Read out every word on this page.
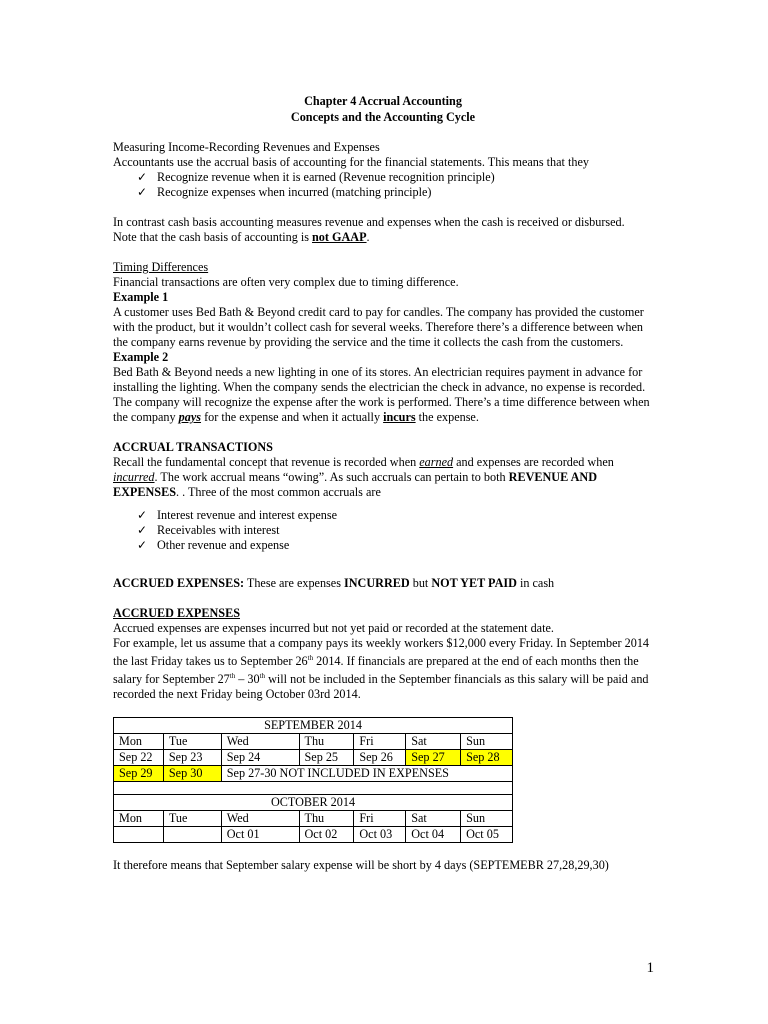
Chapter 4 Accrual Accounting

Concepts and the Accounting Cycle

Measuring Income-Recording Revenues and Expenses

Accountants use the accrual basis of accounting for the financial statements. This means that they

✓ Recognize revenue when it is earned (Revenue recognition principle)
✓ Recognize expenses when incurred (matching principle)

In contrast cash basis accounting measures revenue and expenses when the cash is received or disbursed.
Note that the cash basis of accounting is not GAAP.

Timing Differences

Financial transactions are often very complex due to timing difference.

Example 1

A customer uses Bed Bath & Beyond credit card to pay for candles. The company has provided the customer with the product, but it wouldn’t collect cash for several weeks. Therefore there’s a difference between when the company earns revenue by providing the service and the time it collects the cash from the customers.

Example 2

Bed Bath & Beyond needs a new lighting in one of its stores. An electrician requires payment in advance for installing the lighting. When the company sends the electrician the check in advance, no expense is recorded. The company will recognize the expense after the work is performed. There’s a time difference between when the company pays for the expense and when it actually incurs the expense.

ACCRUAL TRANSACTIONS

Recall the fundamental concept that revenue is recorded when earned and expenses are recorded when incurred. The work accrual means “owing”. As such accruals can pertain to both REVENUE AND EXPENSES. . Three of the most common accruals are

✓ Interest revenue and interest expense
✓ Receivables with interest
✓ Other revenue and expense

ACCRUED EXPENSES: These are expenses INCURRED but NOT YET PAID in cash

ACCRUED EXPENSES

Accrued expenses are expenses incurred but not yet paid or recorded at the statement date.

For example, let us assume that a company pays its weekly workers $12,000 every Friday. In September 2014 the last Friday takes us to September 26th 2014. If financials are prepared at the end of each months then the salary for September 27th – 30th will not be included in the September financials as this salary will be paid and recorded the next Friday being October 03rd 2014.

SEPTEMBER 2014						
Mon	Tue	Wed	Thu	Fri	Sat	Sun
Sep 22	Sep 23	Sep 24	Sep 25	Sep 26	Sep 27	Sep 28
Sep 29	Sep 30	Sep 27-30 NOT INCLUDED IN EXPENSES				

OCTOBER 2014						
Mon	Tue	Wed	Thu	Fri	Sat	Sun
		Oct 01	Oct 02	Oct 03	Oct 04	Oct 05

It therefore means that September salary expense will be short by 4 days (SEPTEMEBR 27,28,29,30)

1
